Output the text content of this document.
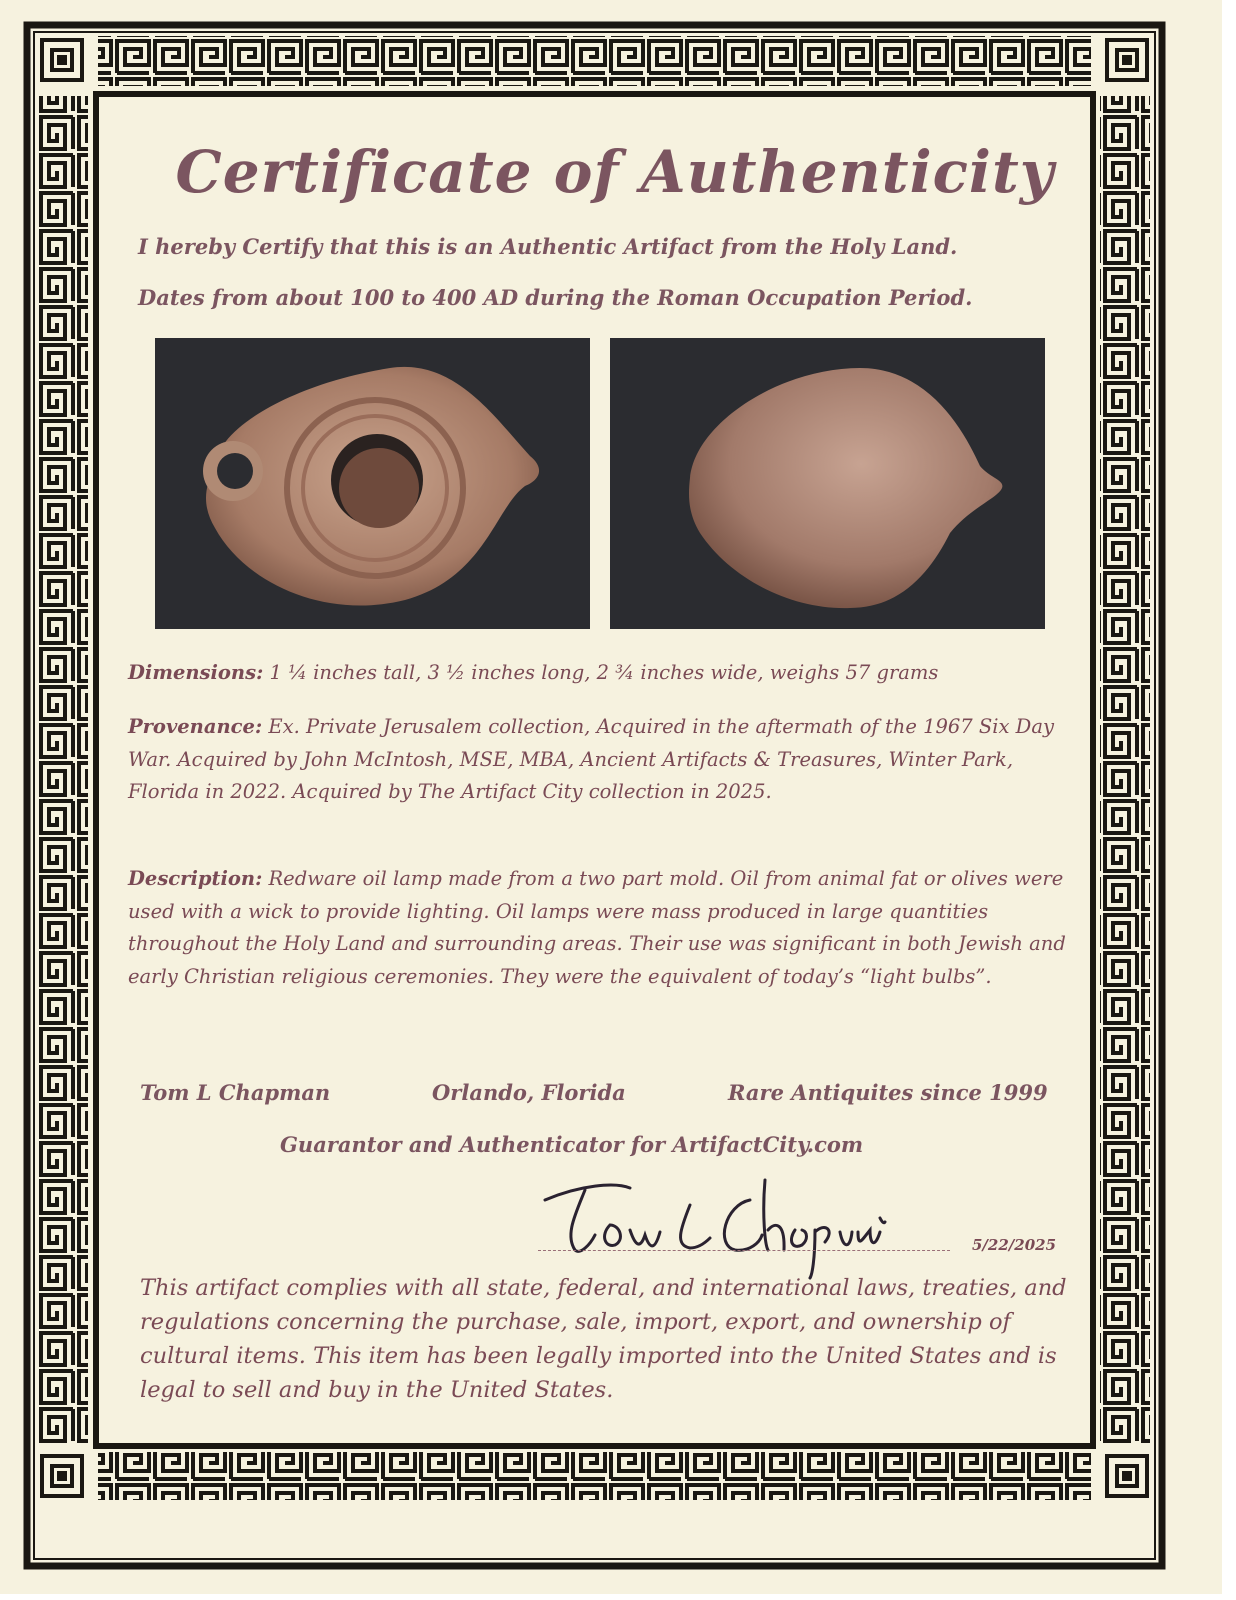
Certificate of Authenticity
I hereby Certify that this is an Authentic Artifact from the Holy Land.
Dates from about 100 to 400 AD during the Roman Occupation Period.
Dimensions: 1 ¼ inches tall, 3 ½ inches long, 2 ¾ inches wide, weighs 57 grams
Provenance: Ex. Private Jerusalem collection, Acquired in the aftermath of the 1967 Six Day War. Acquired by John McIntosh, MSE, MBA, Ancient Artifacts & Treasures, Winter Park, Florida in 2022. Acquired by The Artifact City collection in 2025.
Description: Redware oil lamp made from a two part mold. Oil from animal fat or olives were used with a wick to provide lighting. Oil lamps were mass produced in large quantities throughout the Holy Land and surrounding areas. Their use was significant in both Jewish and early Christian religious ceremonies. They were the equivalent of today’s “light bulbs”.
Tom L Chapman	Orlando, Florida	Rare Antiquites since 1999
Guarantor and Authenticator for ArtifactCity.com
5/22/2025
This artifact complies with all state, federal, and international laws, treaties, and regulations concerning the purchase, sale, import, export, and ownership of cultural items. This item has been legally imported into the United States and is legal to sell and buy in the United States.
